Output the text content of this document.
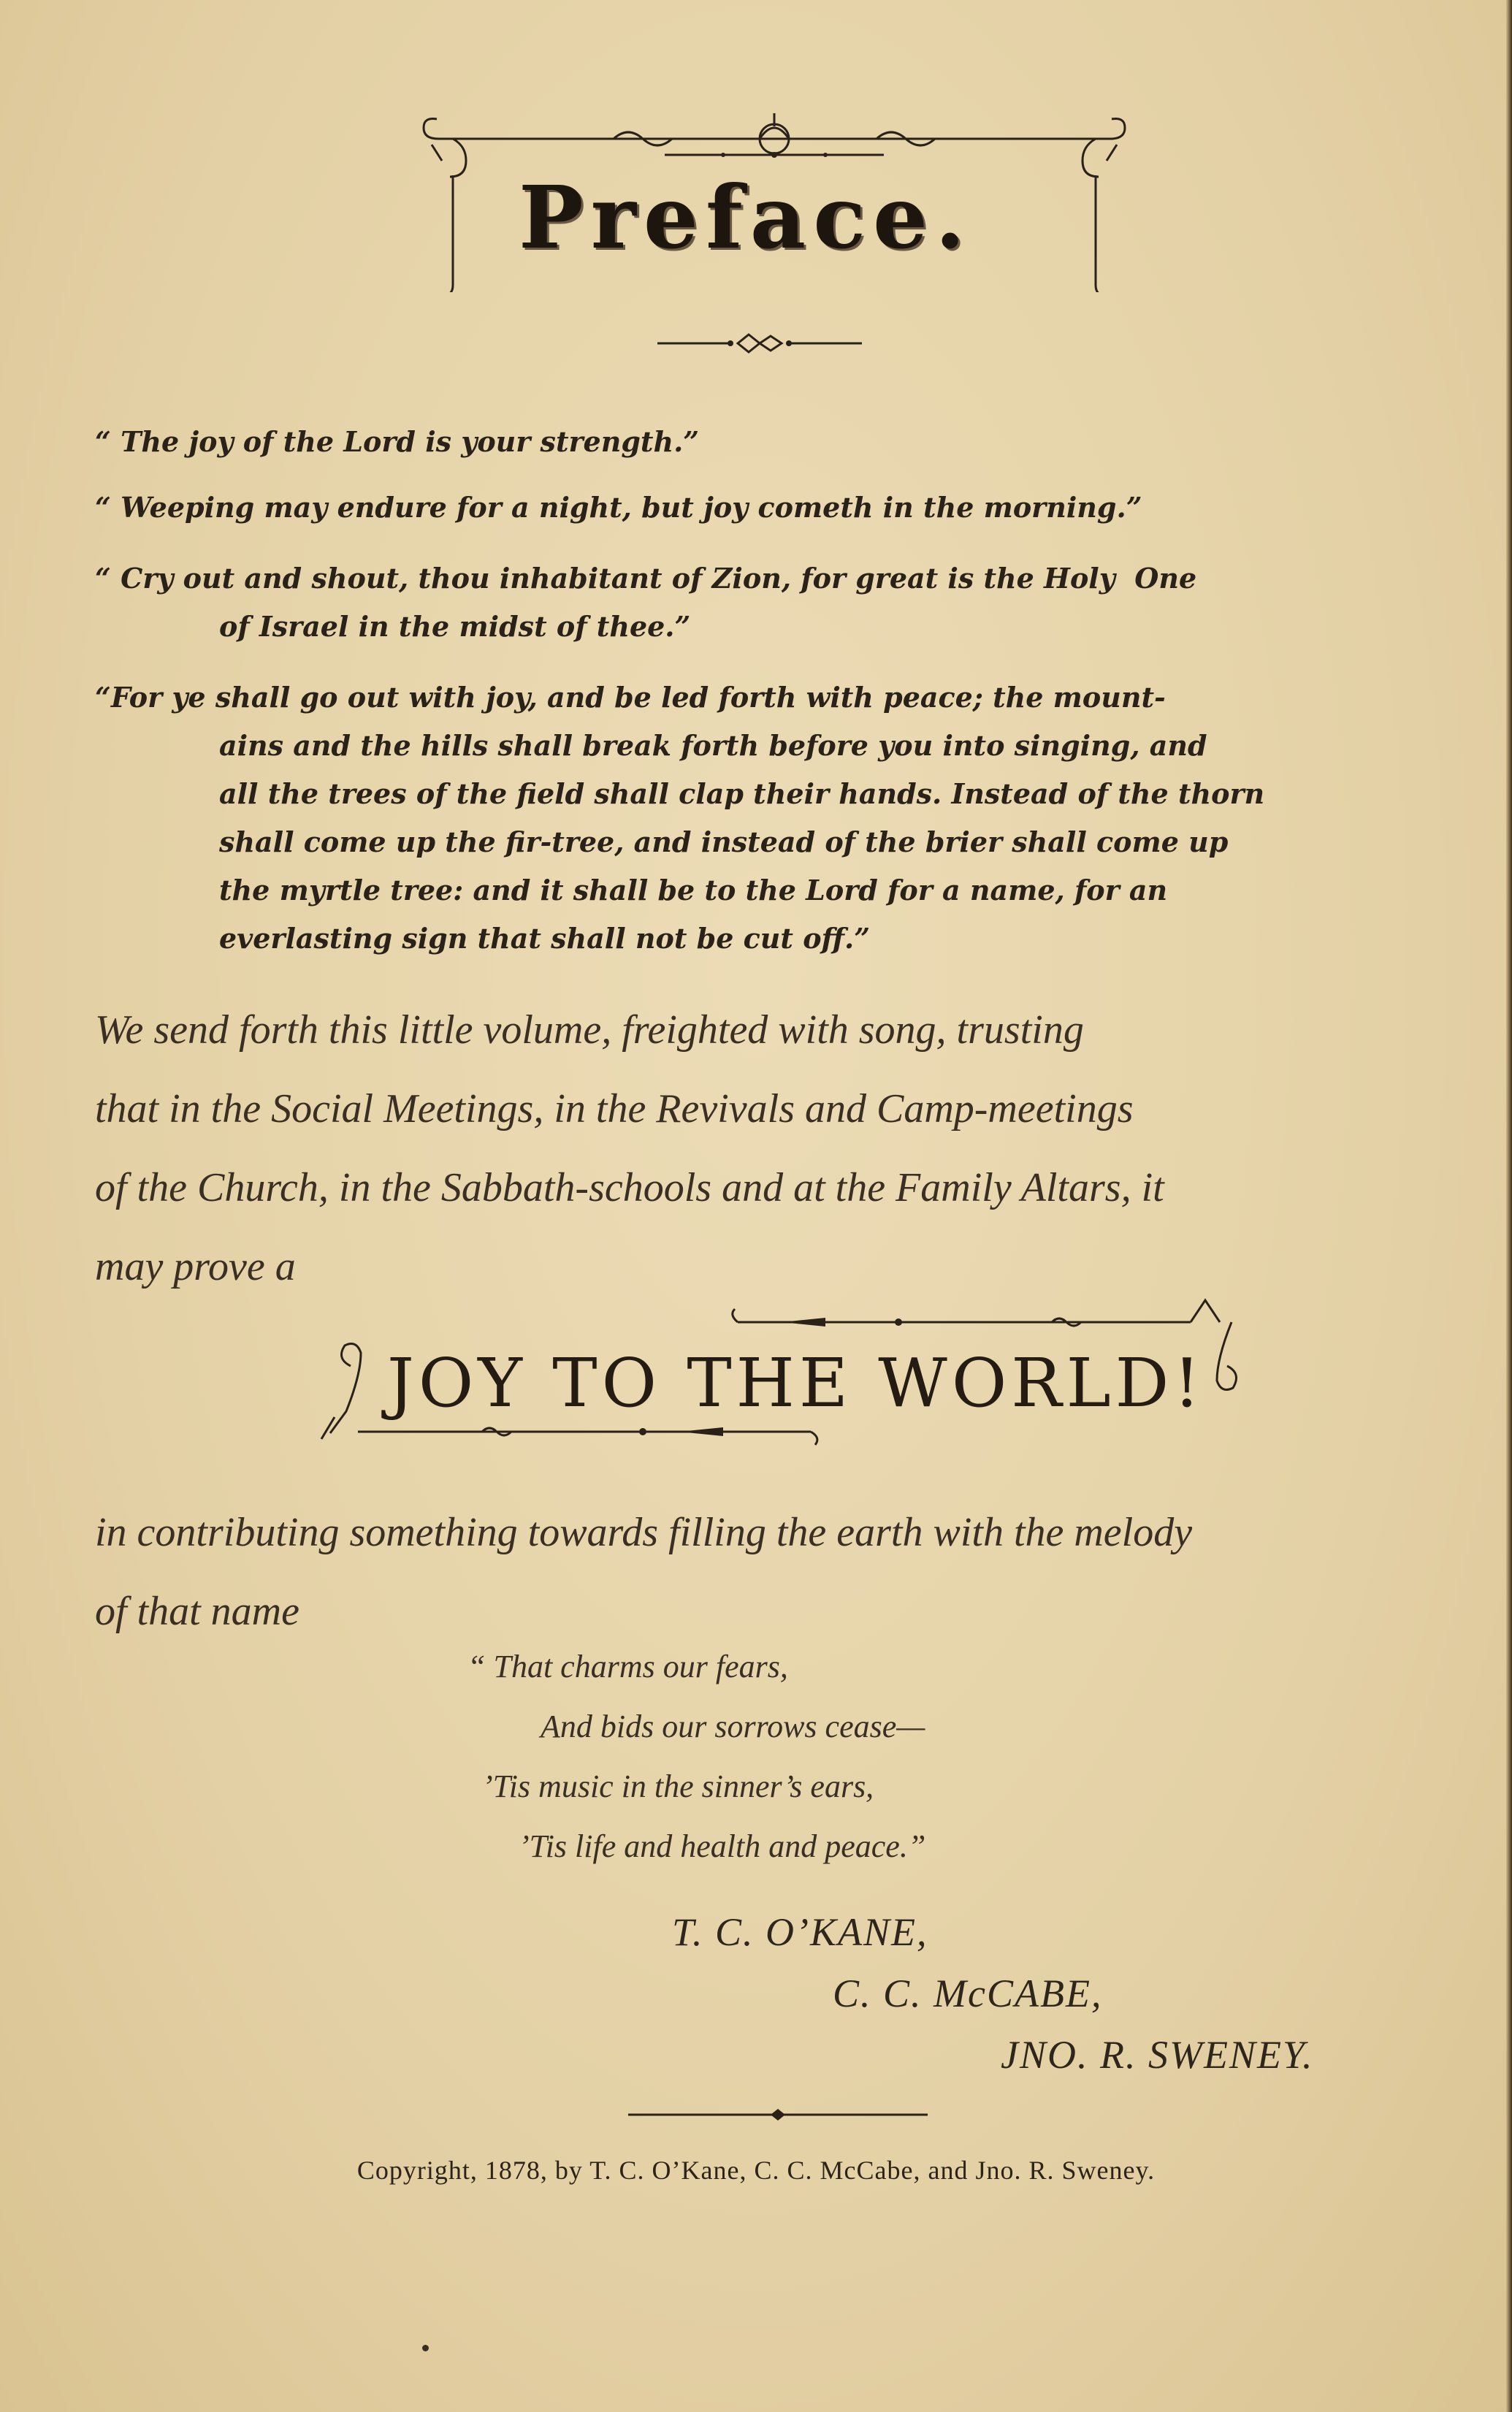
Preface.
“ The joy of the Lord is your strength.”
“ Weeping may endure for a night, but joy cometh in the morning.”
“ Cry out and shout, thou inhabitant of Zion, for great is the Holy  One
of Israel in the midst of thee.”
“For ye shall go out with joy, and be led forth with peace; the mount-
ains and the hills shall break forth before you into singing, and
all the trees of the field shall clap their hands. Instead of the thorn
shall come up the fir-tree, and instead of the brier shall come up
the myrtle tree: and it shall be to the Lord for a name, for an
everlasting sign that shall not be cut off.”
We send forth this little volume, freighted with song, trusting
that in the Social Meetings, in the Revivals and Camp-meetings
of the Church, in the Sabbath-schools and at the Family Altars, it
may prove a
JOY TO THE WORLD!
in contributing something towards filling the earth with the melody
of that name
“ That charms our fears,
And bids our sorrows cease—
’Tis music in the sinner’s ears,
’Tis life and health and peace.”
T. C. O’KANE,
C. C. McCABE,
JNO. R. SWENEY.
Copyright, 1878, by T. C. O’Kane, C. C. McCabe, and Jno. R. Sweney.
